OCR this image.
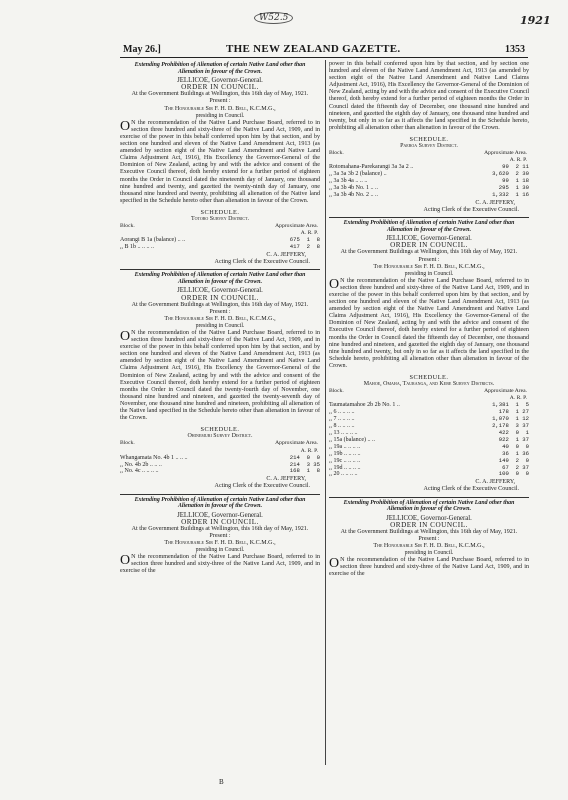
W52.5	1921
May 26.]	THE NEW ZEALAND GAZETTE.	1353
Extending Prohibition of Alienation of certain Native Land other than Alienation in favour of the Crown.
JELLICOE, Governor-General.
ORDER IN COUNCIL.
At the Government Buildings at Wellington, this 16th day of May, 1921.
Present :
The Honourable Sir F. H. D. Bell, K.C.M.G.,
presiding in Council.
ON the recommendation of the Native Land Purchase Board, referred to in section three hundred and sixty-three of the Native Land Act, 1909, and in exercise of the power in this behalf conferred upon him by that section, and by section one hundred and eleven of the Native Land Amendment Act, 1913 (as amended by section eight of the Native Land Amendment and Native Land Claims Adjustment Act, 1916), His Excellency the Governor-General of the Dominion of New Zealand, acting by and with the advice and consent of the Executive Council thereof, doth hereby extend for a further period of eighteen months the Order in Council dated the nineteenth day of January, one thousand nine hundred and twenty, and gazetted the twenty-ninth day of January, one thousand nine hundred and twenty, prohibiting all alienation of the Native land specified in the Schedule hereto other than alienation in favour of the Crown.
SCHEDULE.
Totoro Survey District.
Block.	Approximate Area.
A. R. P.
Aorangi B 1a (balance) .. ..	675  1  8
,, B 1b .. .. .. ..	417  2  8
C. A. JEFFERY,
Acting Clerk of the Executive Council.
Extending Prohibition of Alienation of certain Native Land other than Alienation in favour of the Crown.
JELLICOE, Governor-General.
ORDER IN COUNCIL.
At the Government Buildings at Wellington, this 16th day of May, 1921.
Present :
The Honourable Sir F. H. D. Bell, K.C.M.G.,
presiding in Council.
ON the recommendation of the Native Land Purchase Board, referred to in section three hundred and sixty-three of the Native Land Act, 1909, and in exercise of the power in this behalf conferred upon him by that section, and by section one hundred and eleven of the Native Land Amendment Act, 1913 (as amended by section eight of the Native Land Amendment and Native Land Claims Adjustment Act, 1916), His Excellency the Governor-General of the Dominion of New Zealand, acting by and with the advice and consent of the Executive Council thereof, doth hereby extend for a further period of eighteen months the Order in Council dated the twenty-fourth day of November, one thousand nine hundred and nineteen, and gazetted the twenty-seventh day of November, one thousand nine hundred and nineteen, prohibiting all alienation of the Native land specified in the Schedule hereto other than alienation in favour of the Crown.
SCHEDULE.
Ohinemuri Survey District.
Block.	Approximate Area.
A. R. P.
Whangamata No. 4b 1 .. .. ..	214  0  0
,, No. 4b 2b .. .. ..	214  3 35
,, No. 4c .. .. .. ..	168  1  8
C. A. JEFFERY,
Acting Clerk of the Executive Council.
Extending Prohibition of Alienation of certain Native Land other than Alienation in favour of the Crown.
JELLICOE, Governor-General.
ORDER IN COUNCIL.
At the Government Buildings at Wellington, this 16th day of May, 1921.
Present :
The Honourable Sir F. H. D. Bell, K.C.M.G.,
presiding in Council.
ON the recommendation of the Native Land Purchase Board, referred to in section three hundred and sixty-three of the Native Land Act, 1909, and in exercise of the
power in this behalf conferred upon him by that section, and by section one hundred and eleven of the Native Land Amendment Act, 1913 (as amended by section eight of the Native Land Amendment and Native Land Claims Adjustment Act, 1916), His Excellency the Governor-General of the Dominion of New Zealand, acting by and with the advice and consent of the Executive Council thereof, doth hereby extend for a further period of eighteen months the Order in Council dated the fifteenth day of December, one thousand nine hundred and nineteen, and gazetted the eighth day of January, one thousand nine hundred and twenty, but only in so far as it affects the land specified in the Schedule hereto, prohibiting all alienation other than alienation in favour of the Crown.
SCHEDULE.
Paeroa Survey District.
Block.	Approximate Area.
A. R. P.
Rotomahana-Parekarangi 3a 3a 2 ..	99  2 11
,, 3a 3a 3b 2 (balance) ..	3,620  2 30
,, 3a 3b 4a .. .. ..	99  1 18
,, 3a 3b 4b No. 1 .. ..	295  1 30
,, 3a 3b 4b No. 2 .. ..	1,332  1 16
C. A. JEFFERY,
Acting Clerk of the Executive Council.
Extending Prohibition of Alienation of certain Native Land other than Alienation in favour of the Crown.
JELLICOE, Governor-General.
ORDER IN COUNCIL.
At the Government Buildings at Wellington, this 16th day of May, 1921.
Present :
The Honourable Sir F. H. D. Bell, K.C.M.G.,
presiding in Council.
ON the recommendation of the Native Land Purchase Board, referred to in section three hundred and sixty-three of the Native Land Act, 1909, and in exercise of the power in this behalf conferred upon him by that section, and by section one hundred and eleven of the Native Land Amendment Act, 1913 (as amended by section eight of the Native Land Amendment and Native Land Claims Adjustment Act, 1916), His Excellency the Governor-General of the Dominion of New Zealand, acting by and with the advice and consent of the Executive Council thereof, doth hereby extend for a further period of eighteen months the Order in Council dated the fifteenth day of December, one thousand nine hundred and nineteen, and gazetted the eighth day of January, one thousand nine hundred and twenty, but only in so far as it affects the land specified in the Schedule hereto, prohibiting all alienation other than alienation in favour of the Crown.
SCHEDULE.
Mahoe, Omaha, Tauranga, and Kebe Survey Districts.
Block.	Approximate Area.
A. R. P.
Taumatamahoe 2b 2b No. 1 ..	1,381  1  5
,, 6 .. .. .. ..	178  1 27
,, 7 .. .. .. ..	1,070  1 12
,, 8 .. .. .. ..	2,178  3 37
,, 13 .. .. .. ..	422  0  1
,, 15a (balance) .. ..	922  1 37
,, 19a .. .. .. ..	40  0  0
,, 19b .. .. .. ..	36  1 36
,, 19c .. .. .. ..	149  2  0
,, 19d .. .. .. ..	67  2 37
,, 20 .. .. .. ..	100  0  0
C. A. JEFFERY,
Acting Clerk of the Executive Council.
Extending Prohibition of Alienation of certain Native Land other than Alienation in favour of the Crown.
JELLICOE, Governor-General.
ORDER IN COUNCIL.
At the Government Buildings at Wellington, this 16th day of May, 1921.
Present :
The Honourable Sir F. H. D. Bell, K.C.M.G.,
presiding in Council.
ON the recommendation of the Native Land Purchase Board, referred to in section three hundred and sixty-three of the Native Land Act, 1909, and in exercise of the
B
